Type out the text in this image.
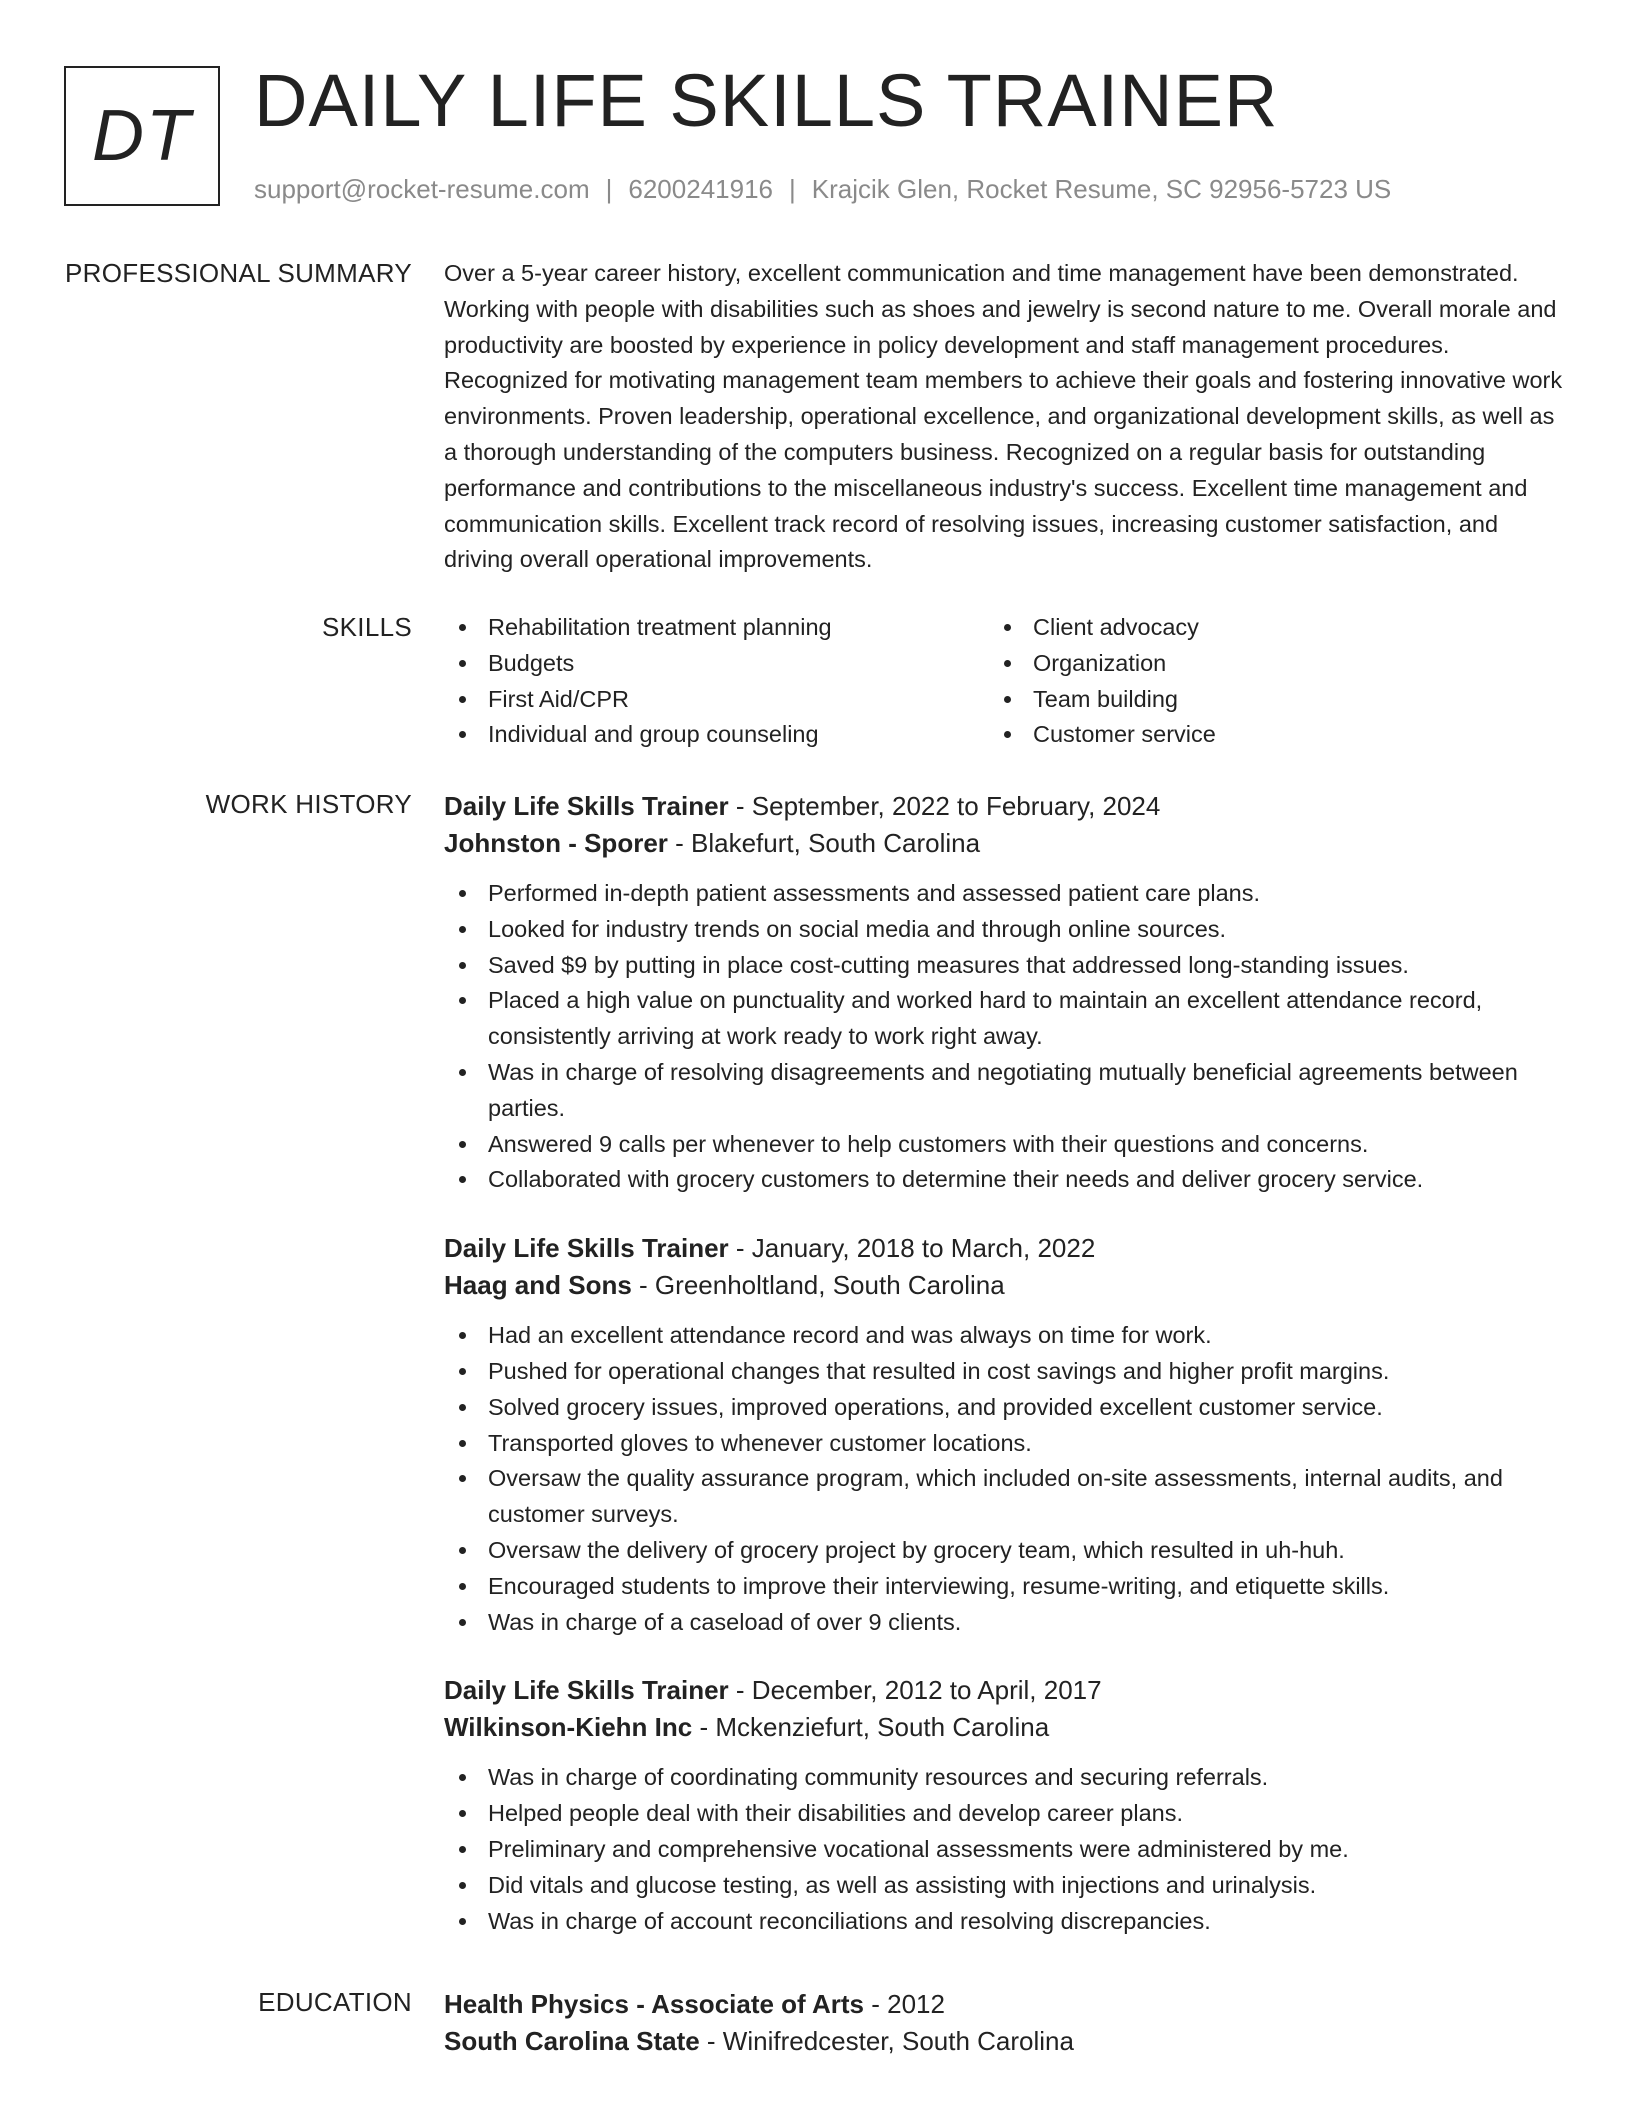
DT DAILY LIFE SKILLS TRAINER
support@rocket-resume.com | 6200241916 | Krajcik Glen, Rocket Resume, SC 92956-5723 US
PROFESSIONAL SUMMARY Over a 5-year career history, excellent communication and time management have been demonstrated. Working with people with disabilities such as shoes and jewelry is second nature to me. Overall morale and productivity are boosted by experience in policy development and staff management procedures. Recognized for motivating management team members to achieve their goals and fostering innovative work environments. Proven leadership, operational excellence, and organizational development skills, as well as a thorough understanding of the computers business. Recognized on a regular basis for outstanding performance and contributions to the miscellaneous industry's success. Excellent time management and communication skills. Excellent track record of resolving issues, increasing customer satisfaction, and driving overall operational improvements.

SKILLS	Rehabilitation treatment planning
Budgets
First Aid/CPR
Individual and group counseling
Client advocacy
Organization
Team building
Customer service
WORK HISTORY Daily Life Skills Trainer - September, 2022 to February, 2024
Johnston - Sporer - Blakefurt, South Carolina
Performed in-depth patient assessments and assessed patient care plans.
Looked for industry trends on social media and through online sources.
Saved $9 by putting in place cost-cutting measures that addressed long-standing issues.
Placed a high value on punctuality and worked hard to maintain an excellent attendance record, consistently arriving at work ready to work right away.
Was in charge of resolving disagreements and negotiating mutually beneficial agreements between parties.
Answered 9 calls per whenever to help customers with their questions and concerns.
Collaborated with grocery customers to determine their needs and deliver grocery service.
Daily Life Skills Trainer - January, 2018 to March, 2022
Haag and Sons - Greenholtland, South Carolina
Had an excellent attendance record and was always on time for work.
Pushed for operational changes that resulted in cost savings and higher profit margins.
Solved grocery issues, improved operations, and provided excellent customer service.
Transported gloves to whenever customer locations.
Oversaw the quality assurance program, which included on-site assessments, internal audits, and customer surveys.
Oversaw the delivery of grocery project by grocery team, which resulted in uh-huh.
Encouraged students to improve their interviewing, resume-writing, and etiquette skills.
Was in charge of a caseload of over 9 clients.
Daily Life Skills Trainer - December, 2012 to April, 2017
Wilkinson-Kiehn Inc - Mckenziefurt, South Carolina
Was in charge of coordinating community resources and securing referrals.
Helped people deal with their disabilities and develop career plans.
Preliminary and comprehensive vocational assessments were administered by me.
Did vitals and glucose testing, as well as assisting with injections and urinalysis.
Was in charge of account reconciliations and resolving discrepancies.
EDUCATION Health Physics - Associate of Arts - 2012
South Carolina State - Winifredcester, South Carolina
